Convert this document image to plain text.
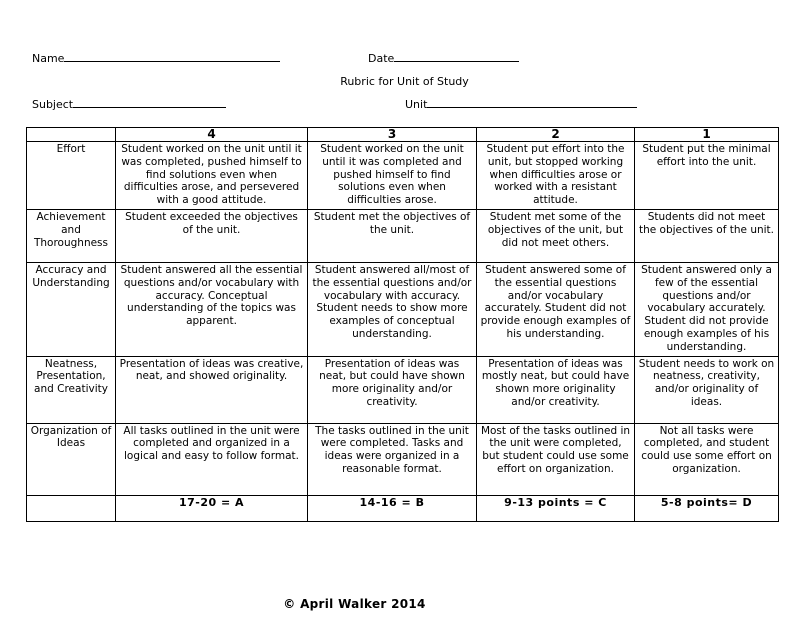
Name	Date
Rubric for Unit of Study
Subject	Unit
	4	3	2	1
Effort	Student worked on the unit until it was completed, pushed himself to find solutions even when difficulties arose, and persevered with a good attitude.	Student worked on the unit until it was completed and pushed himself to find solutions even when difficulties arose.	Student put effort into the unit, but stopped working when difficulties arose or worked with a resistant attitude.	Student put the minimal effort into the unit.
Achievement and Thoroughness	Student exceeded the objectives of the unit.	Student met the objectives of the unit.	Student met some of the objectives of the unit, but did not meet others.	Students did not meet the objectives of the unit.
Accuracy and Understanding	Student answered all the essential questions and/or vocabulary with accuracy. Conceptual understanding of the topics was apparent.	Student answered all/most of the essential questions and/or vocabulary with accuracy. Student needs to show more examples of conceptual understanding.	Student answered some of the essential questions and/or vocabulary accurately. Student did not provide enough examples of his understanding.	Student answered only a few of the essential questions and/or vocabulary accurately. Student did not provide enough examples of his understanding.
Neatness, Presentation, and Creativity	Presentation of ideas was creative, neat, and showed originality.	Presentation of ideas was neat, but could have shown more originality and/or creativity.	Presentation of ideas was mostly neat, but could have shown more originality and/or creativity.	Student needs to work on neatness, creativity, and/or originality of ideas.
Organization of Ideas	All tasks outlined in the unit were completed and organized in a logical and easy to follow format.	The tasks outlined in the unit were completed. Tasks and ideas were organized in a reasonable format.	Most of the tasks outlined in the unit were completed, but student could use some effort on organization.	Not all tasks were completed, and student could use some effort on organization.
	17-20 = A	14-16 = B	9-13 points = C	5-8 points= D
© April Walker 2014
